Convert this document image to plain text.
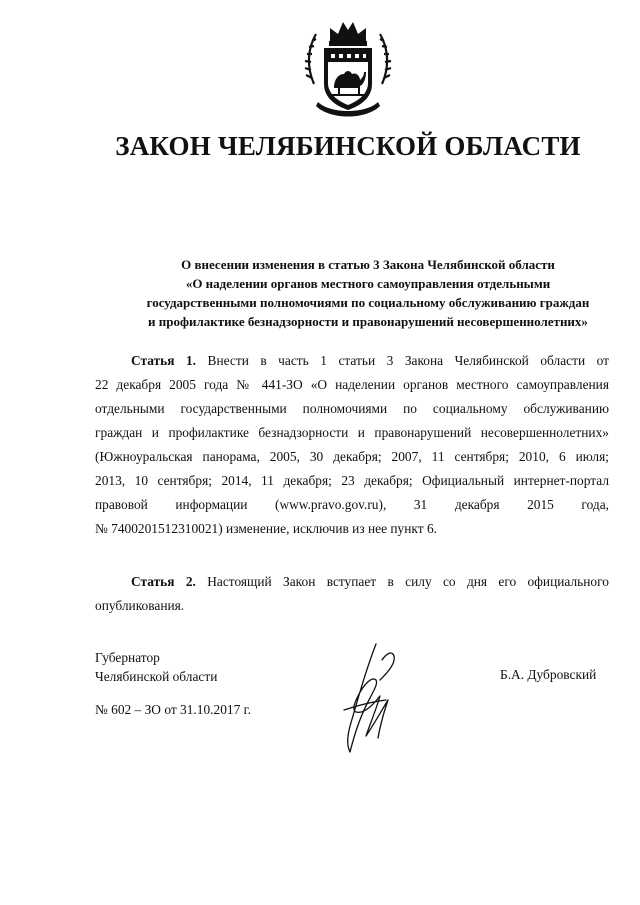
ЗАКОН ЧЕЛЯБИНСКОЙ ОБЛАСТИ
О внесении изменения в статью 3 Закона Челябинской области
«О наделении органов местного самоуправления отдельными
государственными полномочиями по социальному обслуживанию граждан
и профилактике безнадзорности и правонарушений несовершеннолетних»
Статья 1. Внести в часть 1 статьи 3 Закона Челябинской области от
22 декабря 2005 года № 441-ЗО «О наделении органов местного самоуправления
отдельными государственными полномочиями по социальному обслуживанию
граждан и профилактике безнадзорности и правонарушений несовершеннолетних»
(Южноуральская панорама, 2005, 30 декабря; 2007, 11 сентября; 2010, 6 июля;
2013, 10 сентября; 2014, 11 декабря; 23 декабря; Официальный интернет-портал
правовой информации (www.pravo.gov.ru), 31 декабря 2015 года,
№ 7400201512310021) изменение, исключив из нее пункт 6.
Статья 2. Настоящий Закон вступает в силу со дня его официального
опубликования.
Губернатор
Челябинской области	Б.А. Дубровский
№ 602 – ЗО от 31.10.2017 г.
